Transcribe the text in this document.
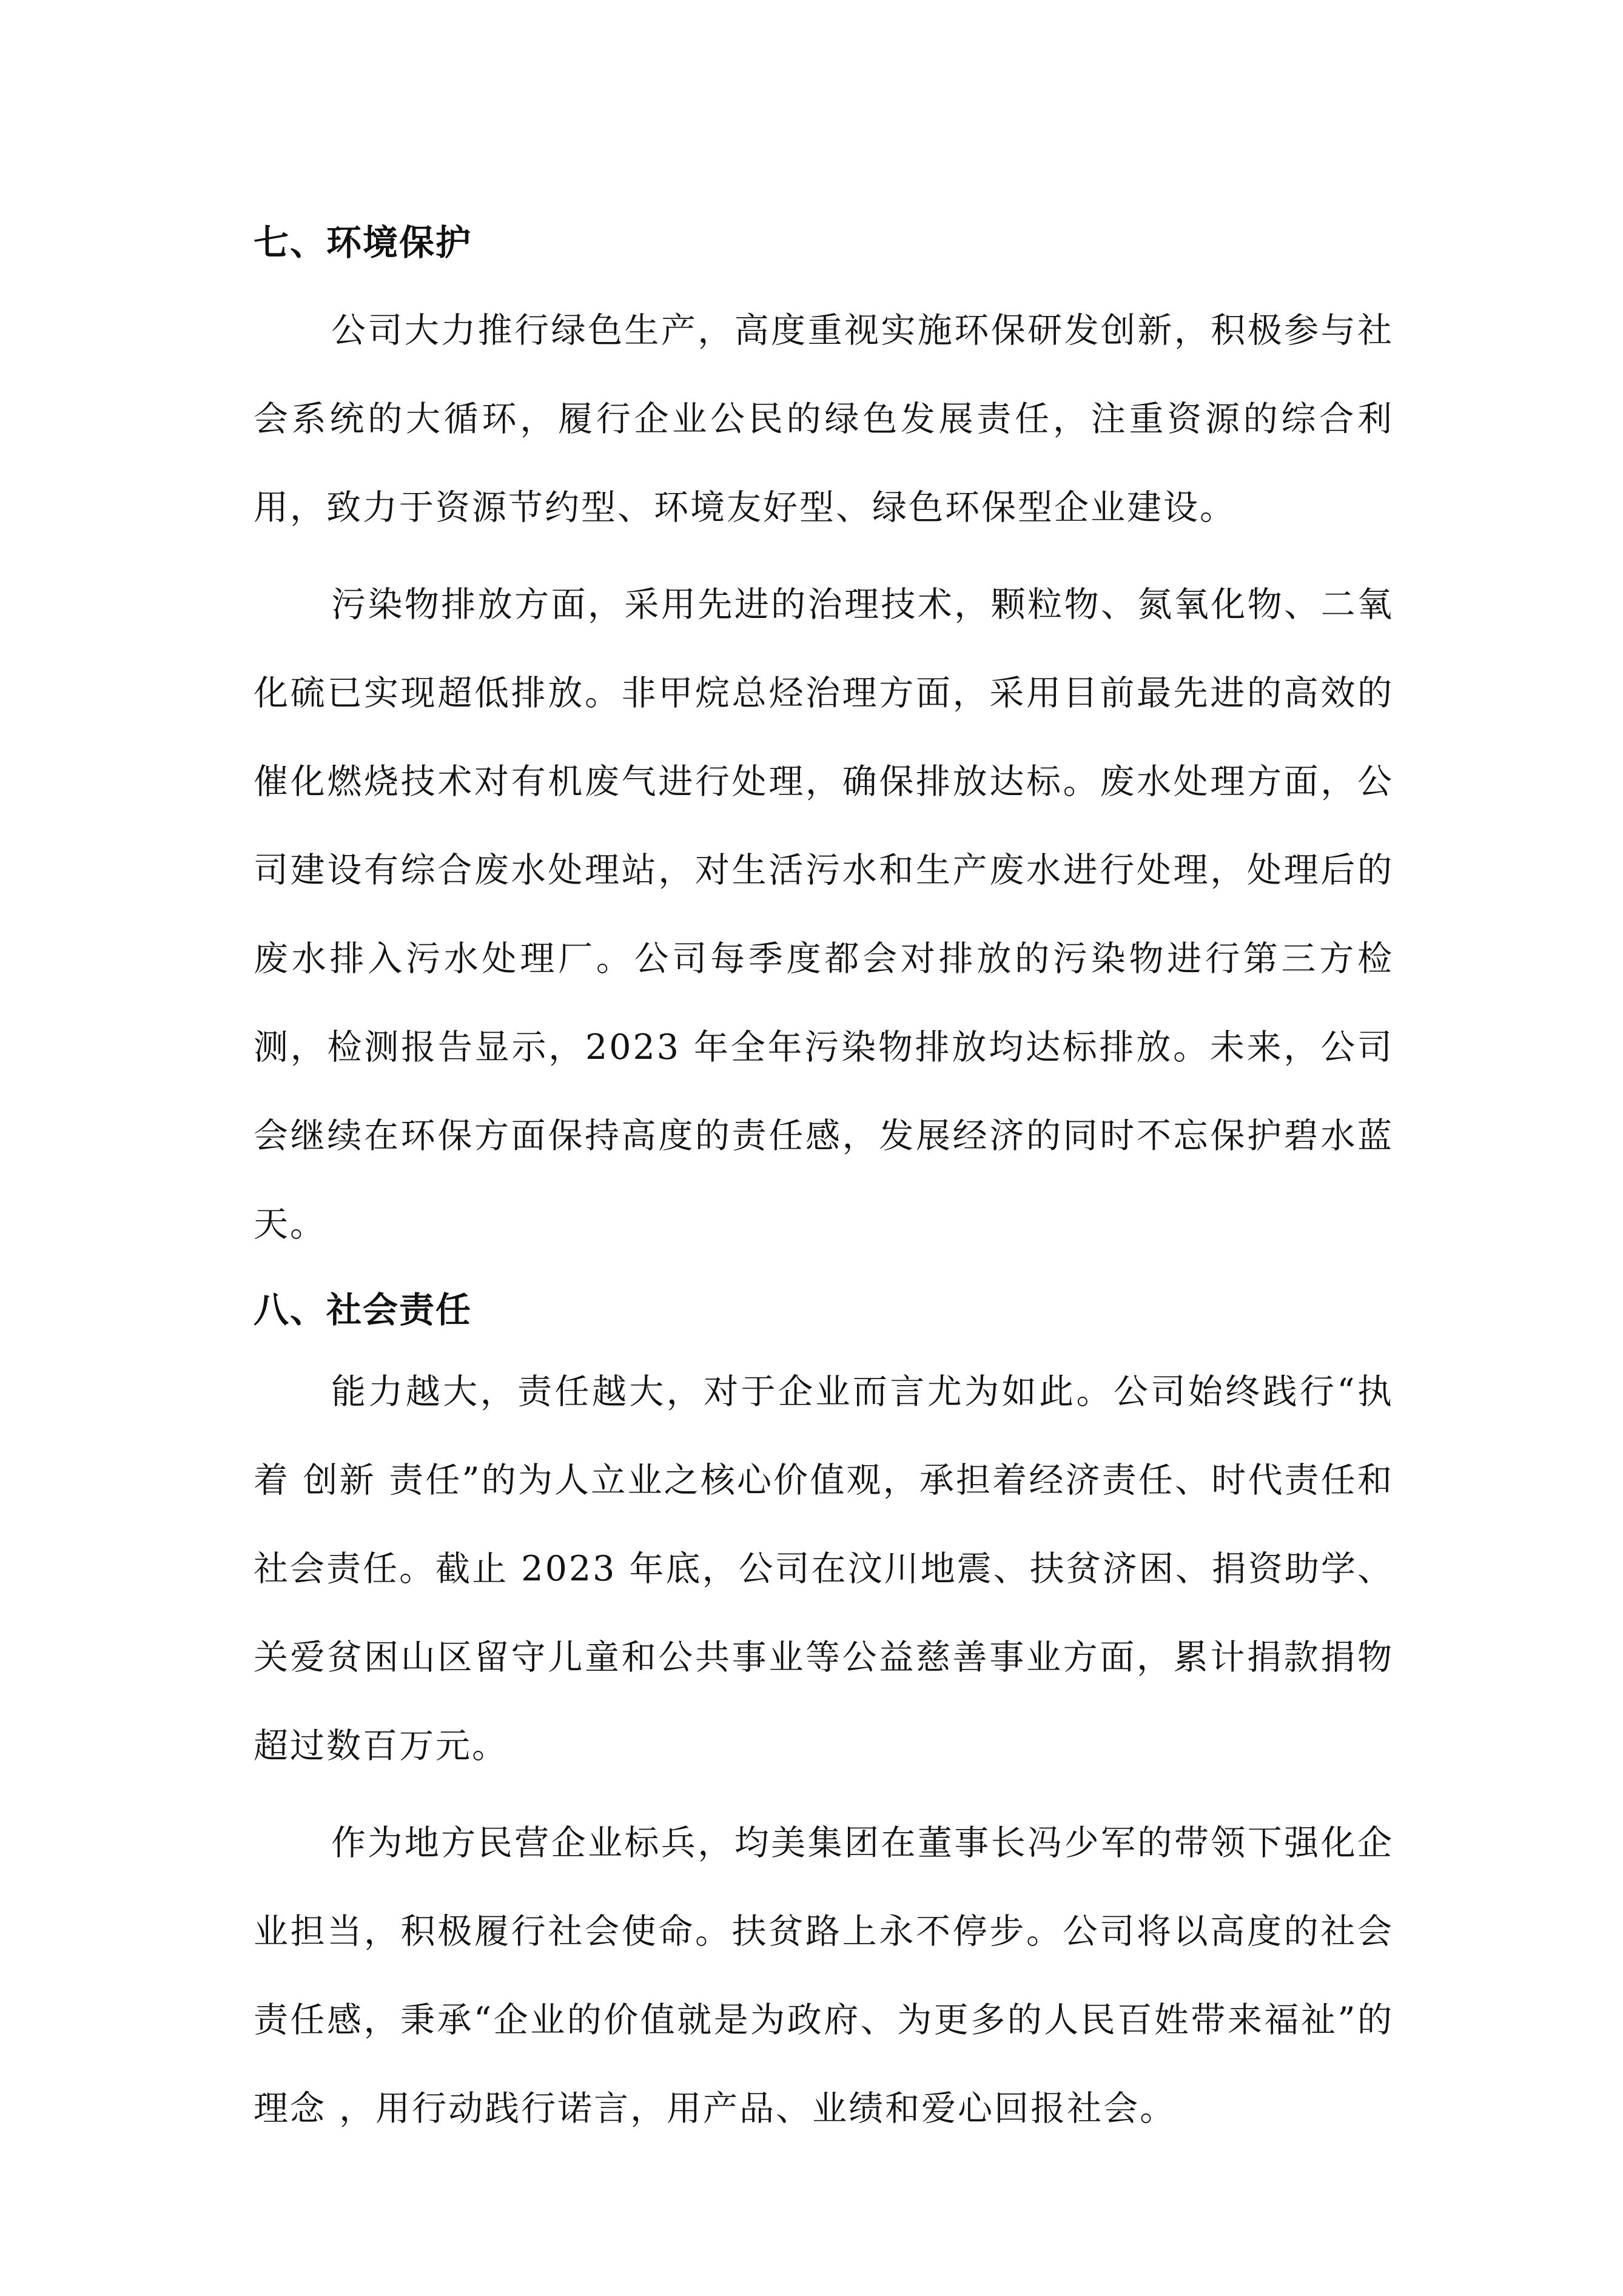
七、环境保护

公司大力推行绿色生产，高度重视实施环保研发创新，积极参与社会系统的大循环，履行企业公民的绿色发展责任，注重资源的综合利用，致力于资源节约型、环境友好型、绿色环保型企业建设。

污染物排放方面，采用先进的治理技术，颗粒物、氮氧化物、二氧化硫已实现超低排放。非甲烷总烃治理方面，采用目前最先进的高效的催化燃烧技术对有机废气进行处理，确保排放达标。废水处理方面，公司建设有综合废水处理站，对生活污水和生产废水进行处理，处理后的废水排入污水处理厂。公司每季度都会对排放的污染物进行第三方检测，检测报告显示，2023 年全年污染物排放均达标排放。未来，公司会继续在环保方面保持高度的责任感，发展经济的同时不忘保护碧水蓝天。

八、社会责任

能力越大，责任越大，对于企业而言尤为如此。公司始终践行“执着 创新 责任”的为人立业之核心价值观，承担着经济责任、时代责任和社会责任。截止 2023 年底，公司在汶川地震、扶贫济困、捐资助学、关爱贫困山区留守儿童和公共事业等公益慈善事业方面，累计捐款捐物超过数百万元。

作为地方民营企业标兵，均美集团在董事长冯少军的带领下强化企业担当，积极履行社会使命。扶贫路上永不停步。公司将以高度的社会责任感，秉承“企业的价值就是为政府、为更多的人民百姓带来福祉”的理念 ，用行动践行诺言，用产品、业绩和爱心回报社会。
